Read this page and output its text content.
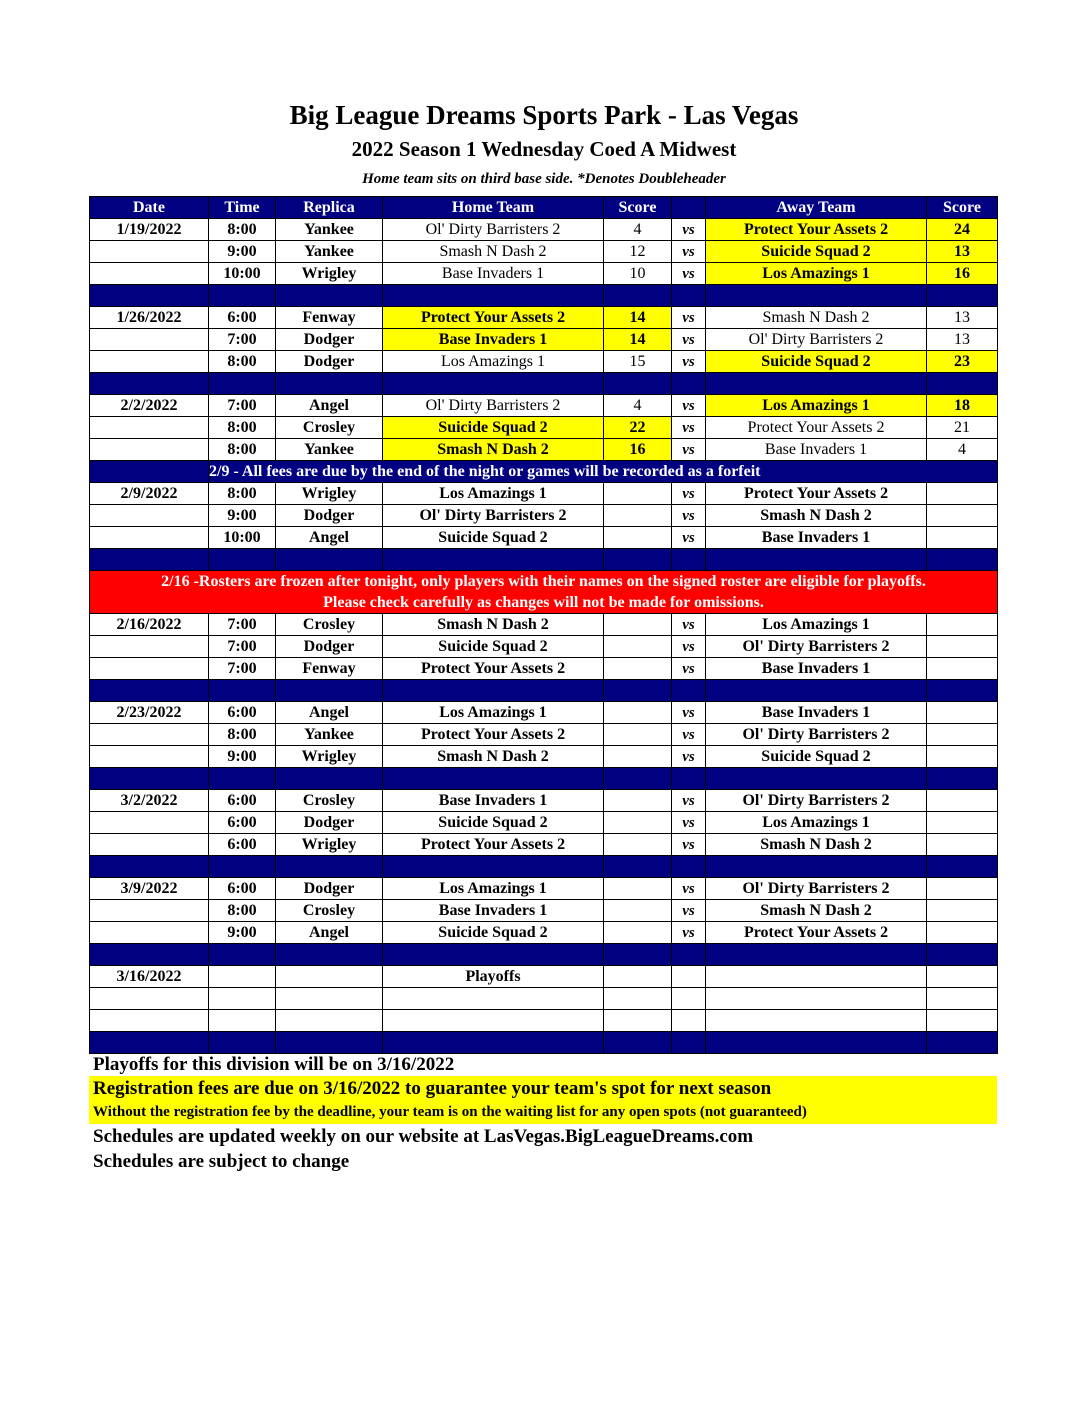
Big League Dreams Sports Park - Las Vegas
2022 Season 1 Wednesday Coed A Midwest
Home team sits on third base side. *Denotes Doubleheader
Date	Time	Replica	Home Team	Score		Away Team	Score
1/19/2022	8:00	Yankee	Ol' Dirty Barristers 2	4	vs	Protect Your Assets 2	24
	9:00	Yankee	Smash N Dash 2	12	vs	Suicide Squad 2	13
	10:00	Wrigley	Base Invaders 1	10	vs	Los Amazings 1	16

1/26/2022	6:00	Fenway	Protect Your Assets 2	14	vs	Smash N Dash 2	13
	7:00	Dodger	Base Invaders 1	14	vs	Ol' Dirty Barristers 2	13
	8:00	Dodger	Los Amazings 1	15	vs	Suicide Squad 2	23

2/2/2022	7:00	Angel	Ol' Dirty Barristers 2	4	vs	Los Amazings 1	18
	8:00	Crosley	Suicide Squad 2	22	vs	Protect Your Assets 2	21
	8:00	Yankee	Smash N Dash 2	16	vs	Base Invaders 1	4
	2/9 - All fees are due by the end of the night or games will be recorded as a forfeit						
2/9/2022	8:00	Wrigley	Los Amazings 1		vs	Protect Your Assets 2	
	9:00	Dodger	Ol' Dirty Barristers 2		vs	Smash N Dash 2	
	10:00	Angel	Suicide Squad 2		vs	Base Invaders 1	

2/16 -Rosters are frozen after tonight, only players with their names on the signed roster are eligible for playoffs.
Please check carefully as changes will not be made for omissions.							

2/16/2022	7:00	Crosley	Smash N Dash 2		vs	Los Amazings 1	
	7:00	Dodger	Suicide Squad 2		vs	Ol' Dirty Barristers 2	
	7:00	Fenway	Protect Your Assets 2		vs	Base Invaders 1	

2/23/2022	6:00	Angel	Los Amazings 1		vs	Base Invaders 1	
	8:00	Yankee	Protect Your Assets 2		vs	Ol' Dirty Barristers 2	
	9:00	Wrigley	Smash N Dash 2		vs	Suicide Squad 2	

3/2/2022	6:00	Crosley	Base Invaders 1		vs	Ol' Dirty Barristers 2	
	6:00	Dodger	Suicide Squad 2		vs	Los Amazings 1	
	6:00	Wrigley	Protect Your Assets 2		vs	Smash N Dash 2	

3/9/2022	6:00	Dodger	Los Amazings 1		vs	Ol' Dirty Barristers 2	
	8:00	Crosley	Base Invaders 1		vs	Smash N Dash 2	
	9:00	Angel	Suicide Squad 2		vs	Protect Your Assets 2	

3/16/2022			Playoffs				

Playoffs for this division will be on 3/16/2022
Registration fees are due on 3/16/2022 to guarantee your team's spot for next season
Without the registration fee by the deadline, your team is on the waiting list for any open spots (not guaranteed)
Schedules are updated weekly on our website at LasVegas.BigLeagueDreams.com
Schedules are subject to change
